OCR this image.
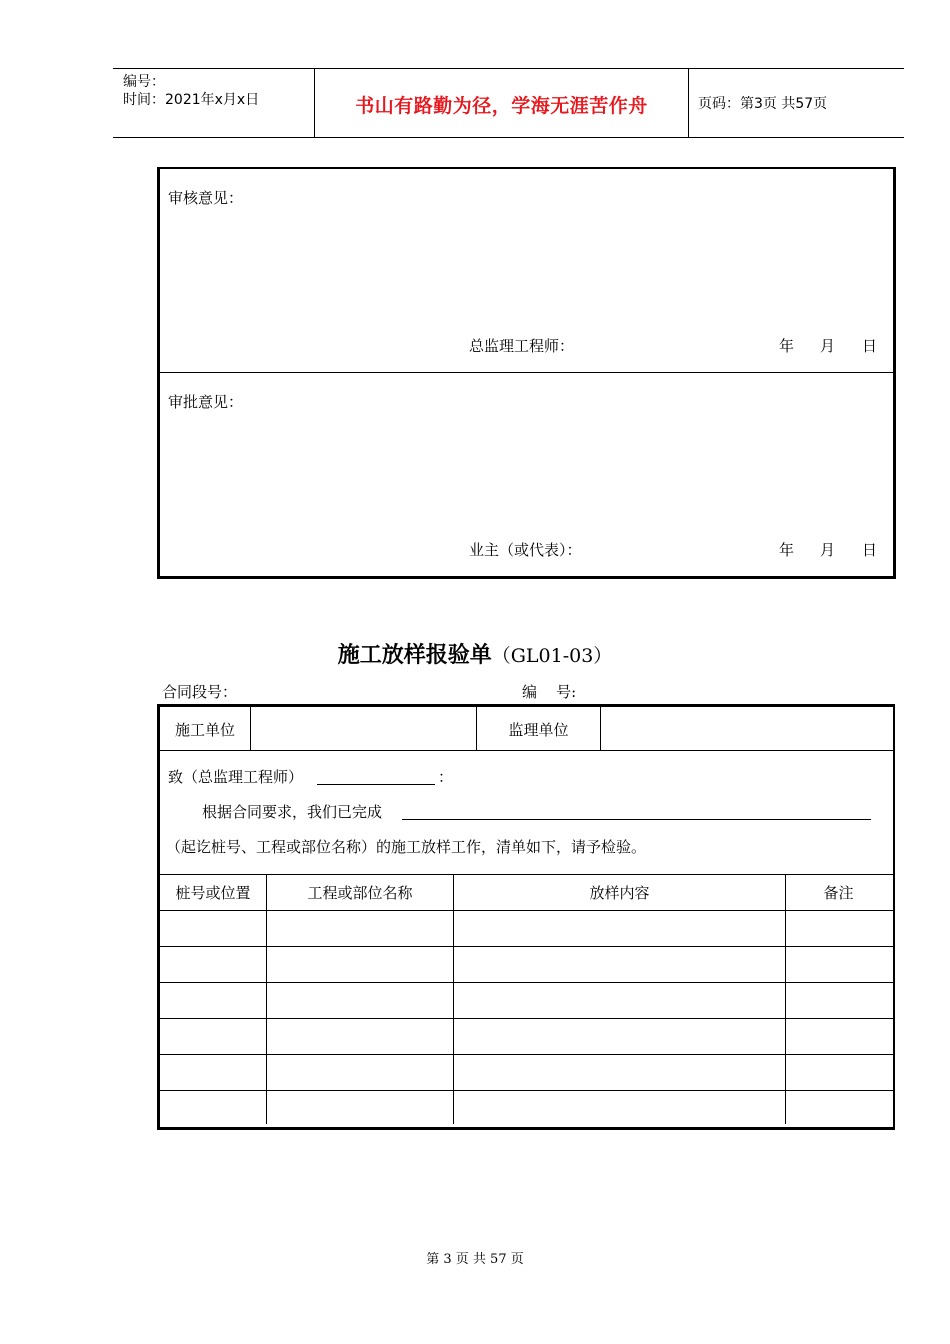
编号：
时间：2021年x月x日	书山有路勤为径，学海无涯苦作舟	页码：第3页 共57页
审核意见：
总监理工程师：	年 月 日
审批意见：
业主（或代表）：	年 月 日
施工放样报验单（GL01-03）
合同段号：	编    号:
施工单位	监理单位
致（总监理工程师）	：
根据合同要求，我们已完成
（起讫桩号、工程或部位名称）的施工放样工作，清单如下，请予检验。
桩号或位置	工程或部位名称	放样内容	备注
第 3 页 共 57 页
